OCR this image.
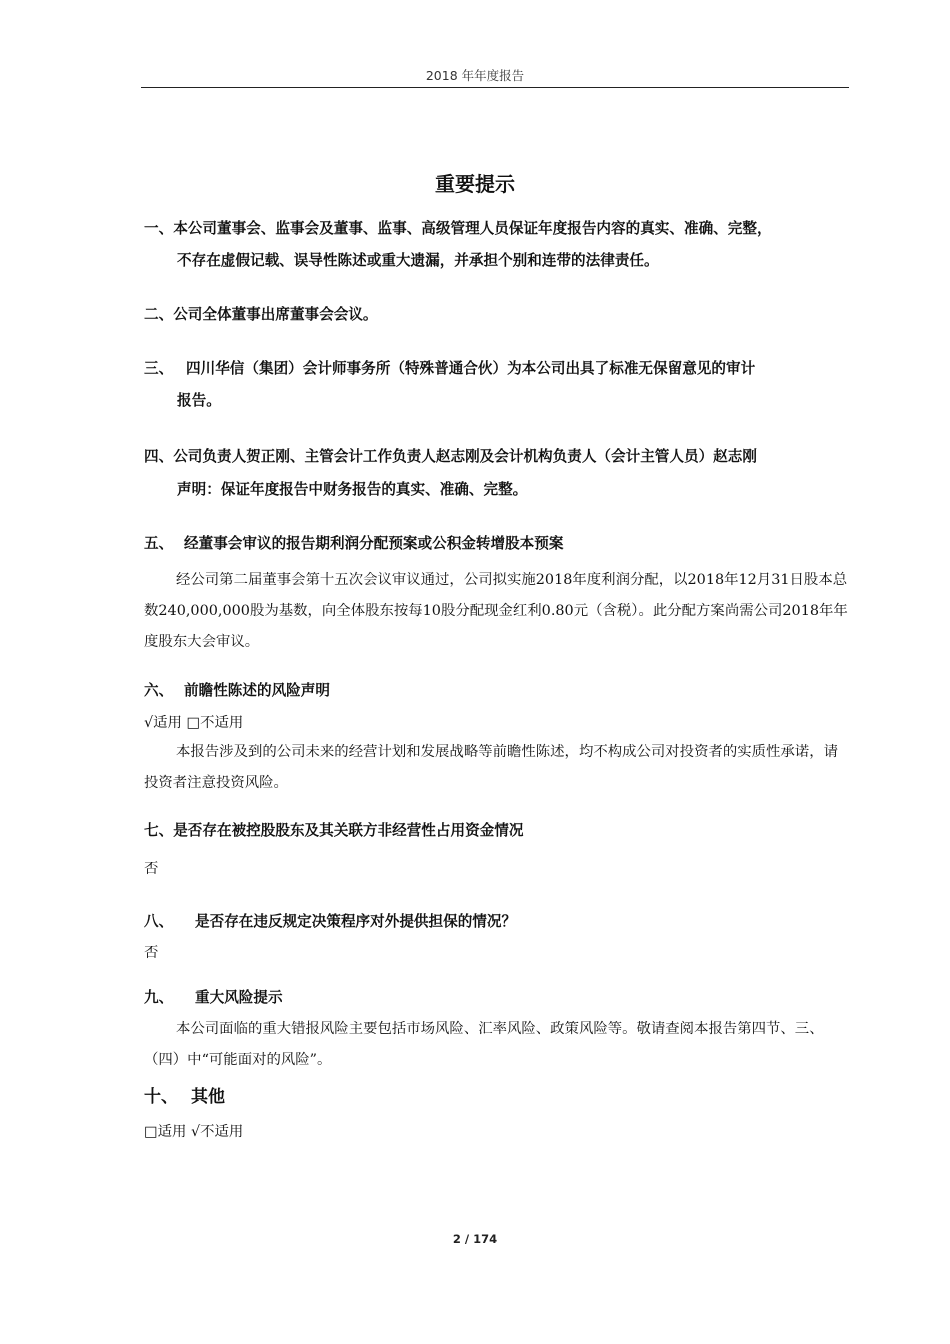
2018 年年度报告
重要提示
一、本公司董事会、监事会及董事、监事、高级管理人员保证年度报告内容的真实、准确、完整，
不存在虚假记载、误导性陈述或重大遗漏，并承担个别和连带的法律责任。
二、公司全体董事出席董事会会议。
三、 四川华信（集团）会计师事务所（特殊普通合伙）为本公司出具了标准无保留意见的审计
报告。
四、公司负责人贺正刚、主管会计工作负责人赵志刚及会计机构负责人（会计主管人员）赵志刚
声明：保证年度报告中财务报告的真实、准确、完整。
五、 经董事会审议的报告期利润分配预案或公积金转增股本预案

经公司第二届董事会第十五次会议审议通过，公司拟实施2018年度利润分配，以2018年12月31日股本总数240,000,000股为基数，向全体股东按每10股分配现金红利0.80元（含税）。此分配方案尚需公司2018年年度股东大会审议。

六、 前瞻性陈述的风险声明
√适用 □不适用

本报告涉及到的公司未来的经营计划和发展战略等前瞻性陈述，均不构成公司对投资者的实质性承诺，请投资者注意投资风险。

七、是否存在被控股股东及其关联方非经营性占用资金情况
否
八、 是否存在违反规定决策程序对外提供担保的情况？
否
九、 重大风险提示

本公司面临的重大错报风险主要包括市场风险、汇率风险、政策风险等。敬请查阅本报告第四节、三、（四）中“可能面对的风险”。

十、 其他
□适用 √不适用
2 / 174
